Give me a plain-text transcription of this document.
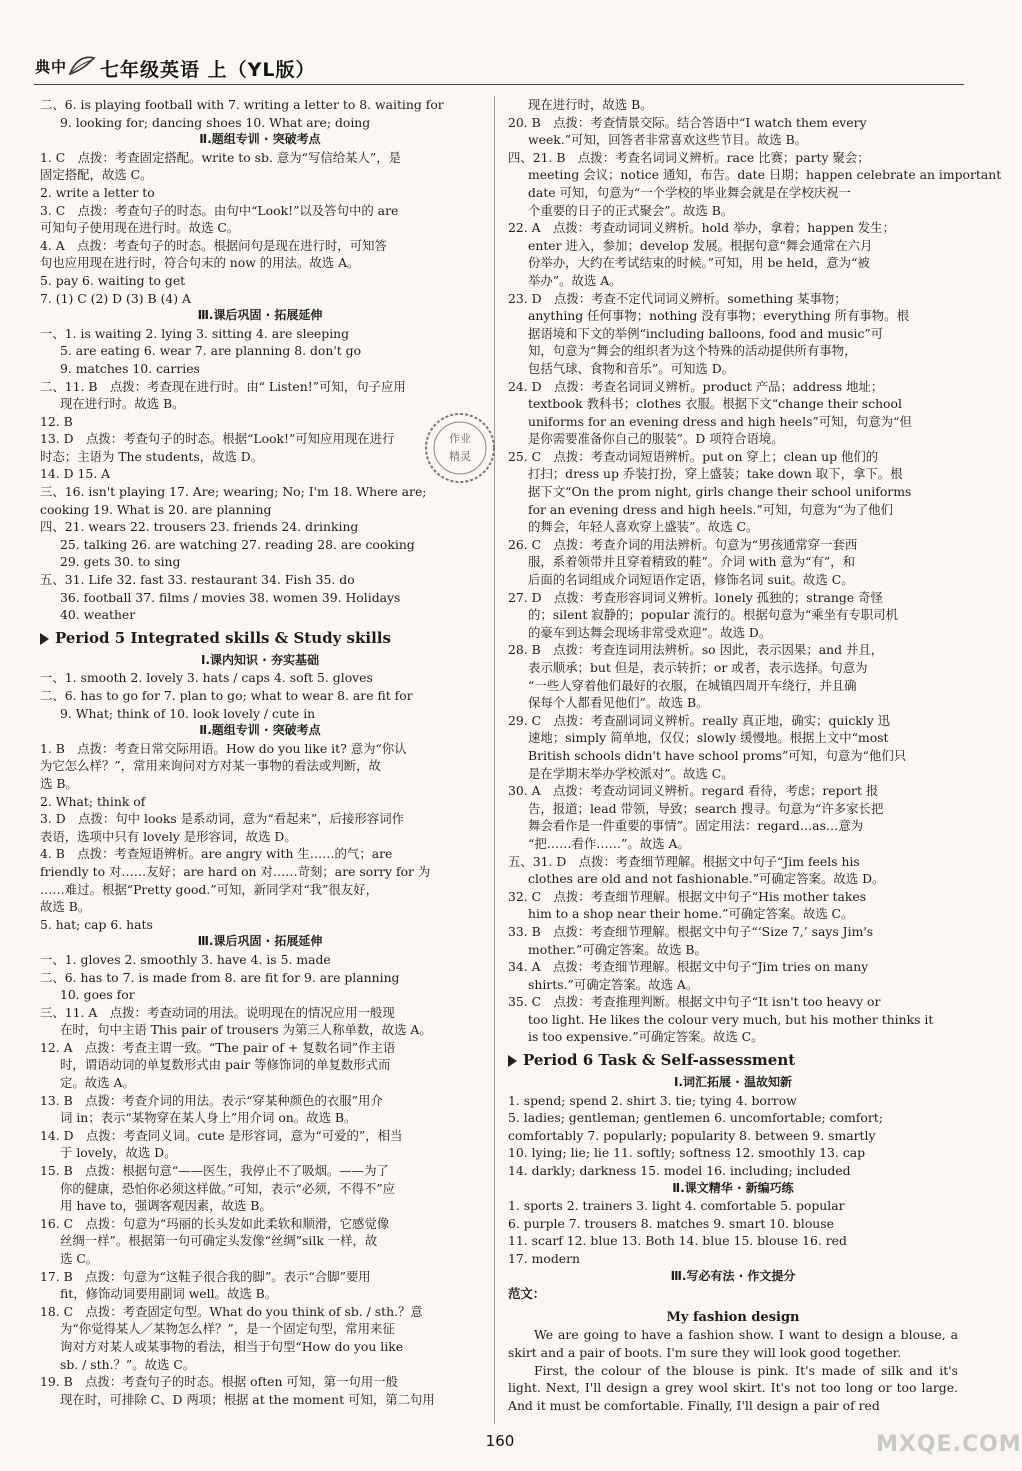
典 中 七年级英语 上（YL版）
二、6. is playing football with 7. writing a letter to 8. waiting for
9. looking for; dancing shoes 10. What are; doing
Ⅱ.题组专训 · 突破考点
1. C　点拨：考查固定搭配。write to sb. 意为“写信给某人”，是
固定搭配，故选 C。
2. write a letter to
3. C　点拨：考查句子的时态。由句中“Look!”以及答句中的 are
可知句子使用现在进行时。故选 C。
4. A　点拨：考查句子的时态。根据问句是现在进行时，可知答
句也应用现在进行时，符合句末的 now 的用法。故选 A。
5. pay 6. waiting to get
7. (1) C (2) D (3) B (4) A
Ⅲ.课后巩固 · 拓展延伸
一、1. is waiting 2. lying 3. sitting 4. are sleeping
5. are eating 6. wear 7. are planning 8. don't go
9. matches 10. carries
二、11. B　点拨：考查现在进行时。由“ Listen!”可知，句子应用
现在进行时。故选 B。
12. B
13. D　点拨：考查句子的时态。根据“Look!”可知应用现在进行
时态；主语为 The students，故选 D。
14. D 15. A
三、16. isn't playing 17. Are; wearing; No; I'm 18. Where are;
cooking 19. What is 20. are planning
四、21. wears 22. trousers 23. friends 24. drinking
25. talking 26. are watching 27. reading 28. are cooking
29. gets 30. to sing
五、31. Life 32. fast 33. restaurant 34. Fish 35. do
36. football 37. films / movies 38. women 39. Holidays
40. weather
Period 5 Integrated skills & Study skills
Ⅰ.课内知识 · 夯实基础
一、1. smooth 2. lovely 3. hats / caps 4. soft 5. gloves
二、6. has to go for 7. plan to go; what to wear 8. are fit for
9. What; think of 10. look lovely / cute in
Ⅱ.题组专训 · 突破考点
1. B　点拨：考查日常交际用语。How do you like it? 意为“你认
为它怎么样？”，常用来询问对方对某一事物的看法或判断，故
选 B。
2. What; think of
3. D　点拨：句中 looks 是系动词，意为“看起来”，后接形容词作
表语，选项中只有 lovely 是形容词，故选 D。
4. B　点拨：考查短语辨析。are angry with 生……的气；are
friendly to 对……友好；are hard on 对……苛刻；are sorry for 为
……难过。根据“Pretty good.”可知，新同学对“我”很友好，
故选 B。
5. hat; cap 6. hats
Ⅲ.课后巩固 · 拓展延伸
一、1. gloves 2. smoothly 3. have 4. is 5. made
二、6. has to 7. is made from 8. are fit for 9. are planning
10. goes for
三、11. A　点拨：考查动词的用法。说明现在的情况应用一般现
在时，句中主语 This pair of trousers 为第三人称单数，故选 A。
12. A　点拨：考查主谓一致。“The pair of + 复数名词”作主语
时，谓语动词的单复数形式由 pair 等修饰词的单复数形式而
定。故选 A。
13. B　点拨：考查介词的用法。表示“穿某种颜色的衣服”用介
词 in；表示“某物穿在某人身上”用介词 on。故选 B。
14. D　点拨：考查同义词。cute 是形容词，意为“可爱的”，相当
于 lovely，故选 D。
15. B　点拨：根据句意“——医生，我停止不了吸烟。——为了
你的健康，恐怕你必须这样做。”可知，表示“必须，不得不”应
用 have to，强调客观因素，故选 B。
16. C　点拨：句意为“玛丽的长头发如此柔软和顺滑，它感觉像
丝绸一样”。根据第一句可确定头发像“丝绸”silk 一样，故
选 C。
17. B　点拨：句意为“这鞋子很合我的脚”。表示“合脚”要用
fit，修饰动词要用副词 well。故选 B。
18. C　点拨：考查固定句型。What do you think of sb. / sth.？意
为“你觉得某人／某物怎么样？”，是一个固定句型，常用来征
询对方对某人或某事物的看法，相当于句型“How do you like
sb. / sth.？”。故选 C。
19. B　点拨：考查句子的时态。根据 often 可知，第一句用一般
现在时，可排除 C、D 两项；根据 at the moment 可知，第二句用
现在进行时，故选 B。
20. B　点拨：考查情景交际。结合答语中“I watch them every
week.”可知，回答者非常喜欢这些节目。故选 B。
四、21. B　点拨：考查名词词义辨析。race 比赛；party 聚会；
meeting 会议；notice 通知，布告。date 日期；happen celebrate an important
date 可知，句意为“一个学校的毕业舞会就是在学校庆祝一
个重要的日子的正式聚会”。故选 B。
22. A　点拨：考查动词词义辨析。hold 举办，拿着；happen 发生；
enter 进入，参加；develop 发展。根据句意“舞会通常在六月
份举办，大约在考试结束的时候。”可知，用 be held，意为“被
举办”。故选 A。
23. D　点拨：考查不定代词词义辨析。something 某事物；
anything 任何事物；nothing 没有事物；everything 所有事物。根
据语境和下文的举例“including balloons, food and music”可
知，句意为“舞会的组织者为这个特殊的活动提供所有事物，
包括气球、食物和音乐”。可知选 D。
24. D　点拨：考查名词词义辨析。product 产品；address 地址；
textbook 教科书；clothes 衣服。根据下文“change their school
uniforms for an evening dress and high heels”可知，句意为“但
是你需要准备你自己的服装”。D 项符合语境。
25. C　点拨：考查动词短语辨析。put on 穿上；clean up 他们的
打扫；dress up 乔装打扮，穿上盛装；take down 取下，拿下。根
据下文“On the prom night, girls change their school uniforms
for an evening dress and high heels.”可知，句意为“为了他们
的舞会，年轻人喜欢穿上盛装”。故选 C。
26. C　点拨：考查介词的用法辨析。句意为“男孩通常穿一套西
服，系着领带并且穿着精致的鞋”。介词 with 意为“有”，和
后面的名词组成介词短语作定语，修饰名词 suit。故选 C。
27. D　点拨：考查形容词词义辨析。lonely 孤独的；strange 奇怪
的；silent 寂静的；popular 流行的。根据句意为“乘坐有专职司机
的豪车到达舞会现场非常受欢迎”。故选 D。
28. B　点拨：考查连词用法辨析。so 因此，表示因果；and 并且，
表示顺承；but 但是，表示转折；or 或者，表示选择。句意为
“一些人穿着他们最好的衣服，在城镇四周开车绕行，并且确
保每个人都看见他们”。故选 B。
29. C　点拨：考查副词词义辨析。really 真正地，确实；quickly 迅
速地；simply 简单地，仅仅；slowly 缓慢地。根据上文中“most
British schools didn't have school proms”可知，句意为“他们只
是在学期末举办学校派对”。故选 C。
30. A　点拨：考查动词词义辨析。regard 看待，考虑；report 报
告，报道；lead 带领，导致；search 搜寻。句意为“许多家长把
舞会看作是一件重要的事情”。固定用法：regard…as…意为
“把……看作……”。故选 A。
五、31. D　点拨：考查细节理解。根据文中句子“Jim feels his
clothes are old and not fashionable.”可确定答案。故选 D。
32. C　点拨：考查细节理解。根据文中句子“His mother takes
him to a shop near their home.”可确定答案。故选 C。
33. B　点拨：考查细节理解。根据文中句子“‘Size 7,’ says Jim's
mother.”可确定答案。故选 B。
34. A　点拨：考查细节理解。根据文中句子“Jim tries on many
shirts.”可确定答案。故选 A。
35. C　点拨：考查推理判断。根据文中句子“It isn't too heavy or
too light. He likes the colour very much, but his mother thinks it
is too expensive.”可确定答案。故选 C。
Period 6 Task & Self-assessment
Ⅰ.词汇拓展 · 温故知新
1. spend; spend 2. shirt 3. tie; tying 4. borrow
5. ladies; gentleman; gentlemen 6. uncomfortable; comfort;
comfortably 7. popularly; popularity 8. between 9. smartly
10. lying; lie; lie 11. softly; softness 12. smoothly 13. cap
14. darkly; darkness 15. model 16. including; included
Ⅱ.课文精华 · 新编巧练
1. sports 2. trainers 3. light 4. comfortable 5. popular
6. purple 7. trousers 8. matches 9. smart 10. blouse
11. scarf 12. blue 13. Both 14. blue 15. blouse 16. red
17. modern
Ⅲ.写必有法 · 作文提分
范文：
My fashion design
We are going to have a fashion show. I want to design a blouse, a skirt and a pair of boots. I'm sure they will look good together.
First, the colour of the blouse is pink. It's made of silk and it's light. Next, I'll design a grey wool skirt. It's not too long or too large. And it must be comfortable. Finally, I'll design a pair of red
作业
精灵
160	MXQE.COM
